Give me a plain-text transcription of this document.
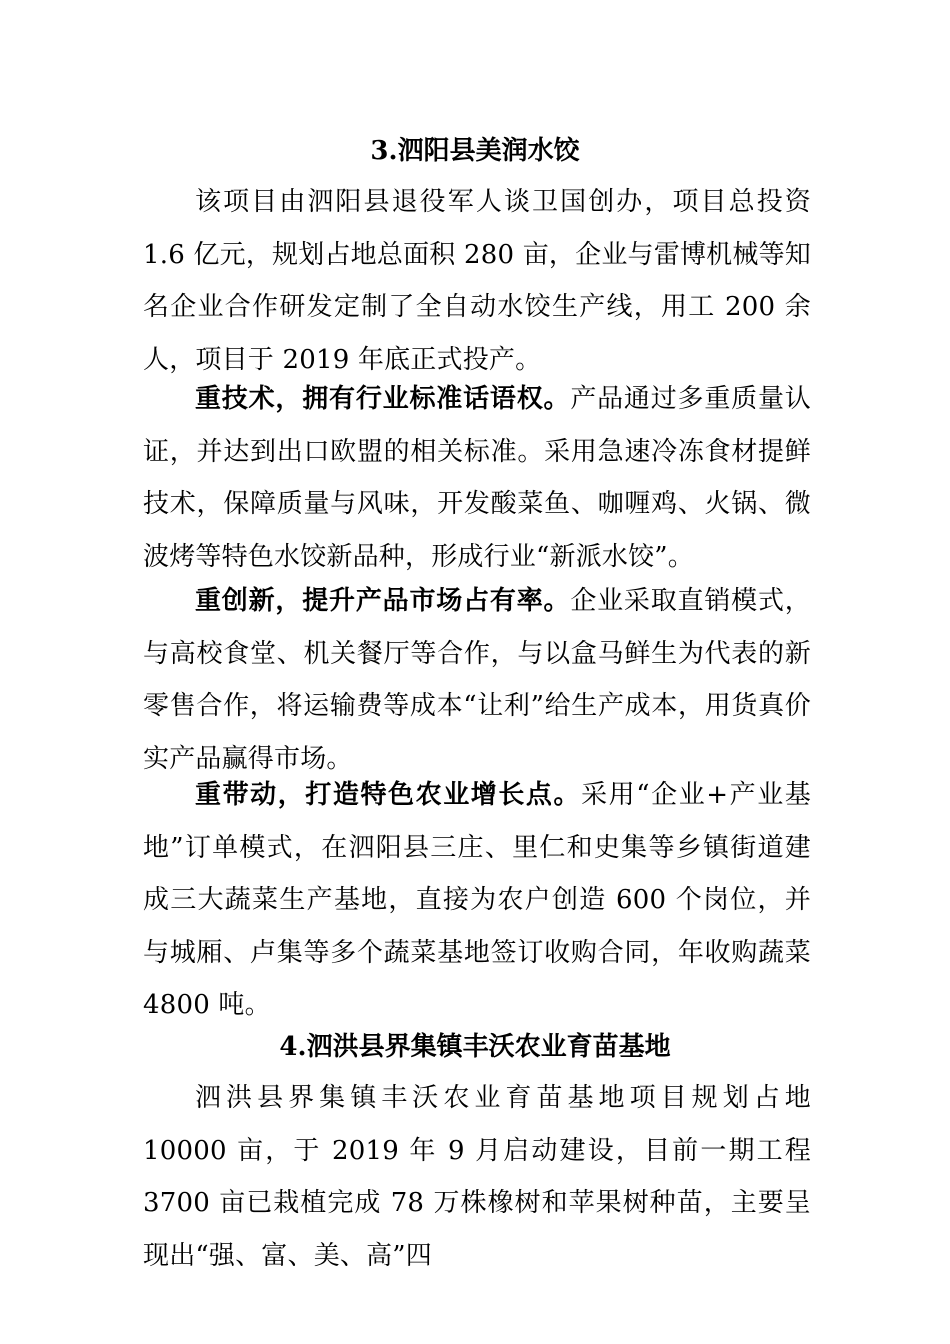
3.泗阳县美润水饺

该项目由泗阳县退役军人谈卫国创办，项目总投资 1.6 亿元，规划占地总面积 280 亩，企业与雷博机械等知名企业合作研发定制了全自动水饺生产线，用工 200 余人，项目于 2019 年底正式投产。

重技术，拥有行业标准话语权。产品通过多重质量认证，并达到出口欧盟的相关标准。采用急速冷冻食材提鲜技术，保障质量与风味，开发酸菜鱼、咖喱鸡、火锅、微波烤等特色水饺新品种，形成行业“新派水饺”。

重创新，提升产品市场占有率。企业采取直销模式，与高校食堂、机关餐厅等合作，与以盒马鲜生为代表的新零售合作，将运输费等成本“让利”给生产成本，用货真价实产品赢得市场。

重带动，打造特色农业增长点。采用“企业+产业基地”订单模式，在泗阳县三庄、里仁和史集等乡镇街道建成三大蔬菜生产基地，直接为农户创造 600 个岗位，并与城厢、卢集等多个蔬菜基地签订收购合同，年收购蔬菜 4800 吨。

4.泗洪县界集镇丰沃农业育苗基地

泗洪县界集镇丰沃农业育苗基地项目规划占地 10000 亩，于 2019 年 9 月启动建设，目前一期工程 3700 亩已栽植完成 78 万株橡树和苹果树种苗，主要呈现出“强、富、美、高”四
